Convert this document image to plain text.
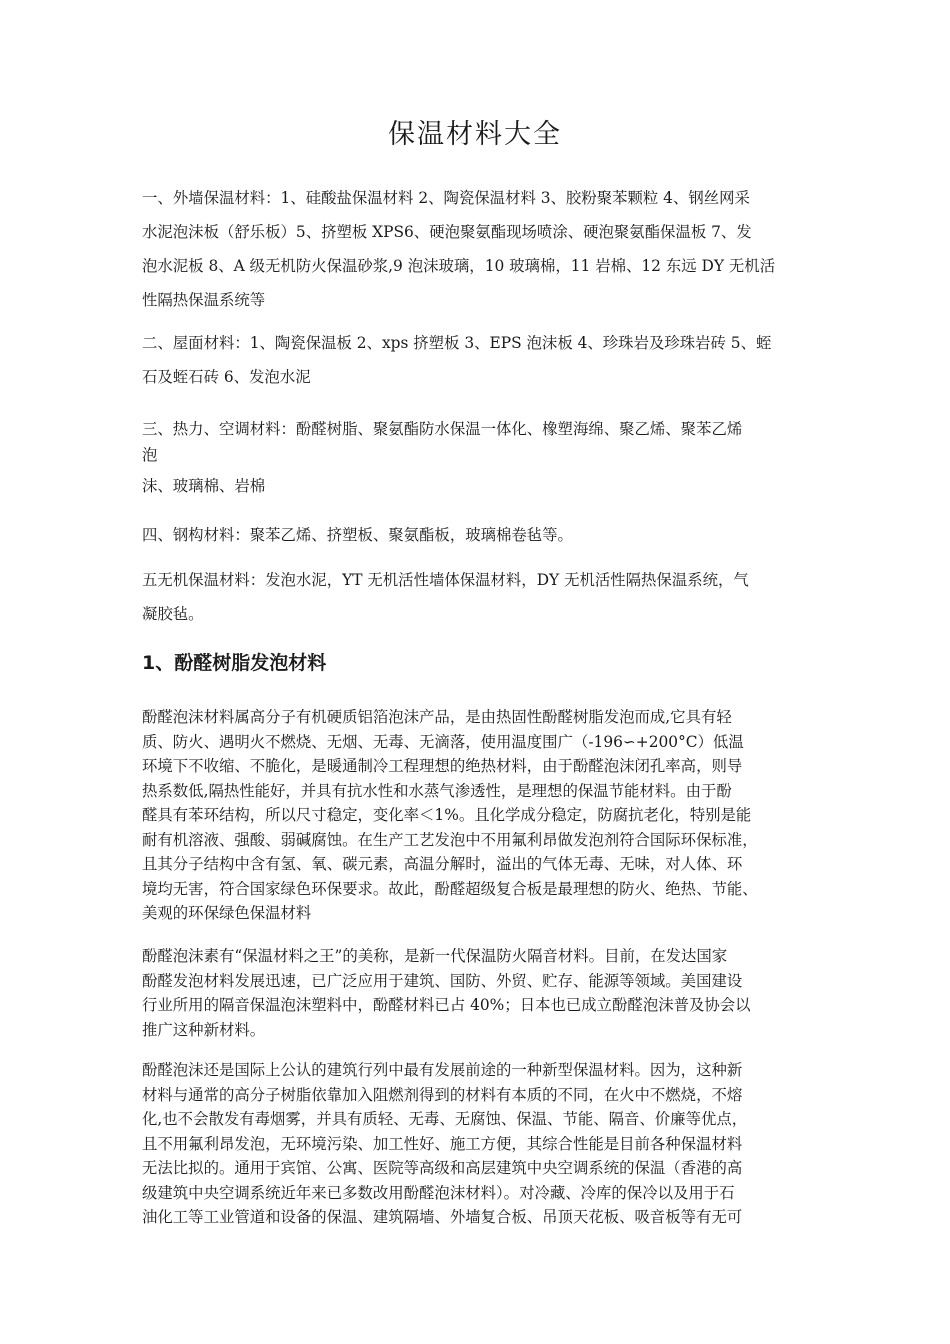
保温材料大全
一、外墙保温材料：1、硅酸盐保温材料 2、陶瓷保温材料 3、胶粉聚苯颗粒 4、钢丝网采
水泥泡沫板（舒乐板）5、挤塑板 XPS6、硬泡聚氨酯现场喷涂、硬泡聚氨酯保温板 7、发
泡水泥板 8、A 级无机防火保温砂浆,9 泡沫玻璃，10 玻璃棉，11 岩棉、12 东远 DY 无机活
性隔热保温系统等
二、屋面材料：1、陶瓷保温板 2、xps 挤塑板 3、EPS 泡沫板 4、珍珠岩及珍珠岩砖 5、蛭
石及蛭石砖 6、发泡水泥
三、热力、空调材料：酚醛树脂、聚氨酯防水保温一体化、橡塑海绵、聚乙烯、聚苯乙烯
泡
沫、玻璃棉、岩棉
四、钢构材料：聚苯乙烯、挤塑板、聚氨酯板，玻璃棉卷毡等。
五无机保温材料：发泡水泥，YT 无机活性墙体保温材料，DY 无机活性隔热保温系统，气
凝胶毡。
1、酚醛树脂发泡材料
酚醛泡沫材料属高分子有机硬质铝箔泡沫产品，是由热固性酚醛树脂发泡而成,它具有轻
质、防火、遇明火不燃烧、无烟、无毒、无滴落，使用温度围广（-196∽+200°C）低温
环境下不收缩、不脆化，是暖通制冷工程理想的绝热材料，由于酚醛泡沫闭孔率高，则导
热系数低,隔热性能好，并具有抗水性和水蒸气渗透性，是理想的保温节能材料。由于酚
醛具有苯环结构，所以尺寸稳定，变化率＜1%。且化学成分稳定，防腐抗老化，特别是能
耐有机溶液、强酸、弱碱腐蚀。在生产工艺发泡中不用氟利昂做发泡剂符合国际环保标准，
且其分子结构中含有氢、氧、碳元素，高温分解时，溢出的气体无毒、无味，对人体、环
境均无害，符合国家绿色环保要求。故此，酚醛超级复合板是最理想的防火、绝热、节能、
美观的环保绿色保温材料
酚醛泡沫素有“保温材料之王”的美称，是新一代保温防火隔音材料。目前，在发达国家
酚醛发泡材料发展迅速，已广泛应用于建筑、国防、外贸、贮存、能源等领域。美国建设
行业所用的隔音保温泡沫塑料中，酚醛材料已占 40%；日本也已成立酚醛泡沫普及协会以
推广这种新材料。
酚醛泡沫还是国际上公认的建筑行列中最有发展前途的一种新型保温材料。因为，这种新
材料与通常的高分子树脂依靠加入阻燃剂得到的材料有本质的不同，在火中不燃烧，不熔
化,也不会散发有毒烟雾，并具有质轻、无毒、无腐蚀、保温、节能、隔音、价廉等优点，
且不用氟利昂发泡，无环境污染、加工性好、施工方便，其综合性能是目前各种保温材料
无法比拟的。通用于宾馆、公寓、医院等高级和高层建筑中央空调系统的保温（香港的高
级建筑中央空调系统近年来已多数改用酚醛泡沫材料）。对冷藏、冷库的保冷以及用于石
油化工等工业管道和设备的保温、建筑隔墙、外墙复合板、吊顶天花板、吸音板等有无可
